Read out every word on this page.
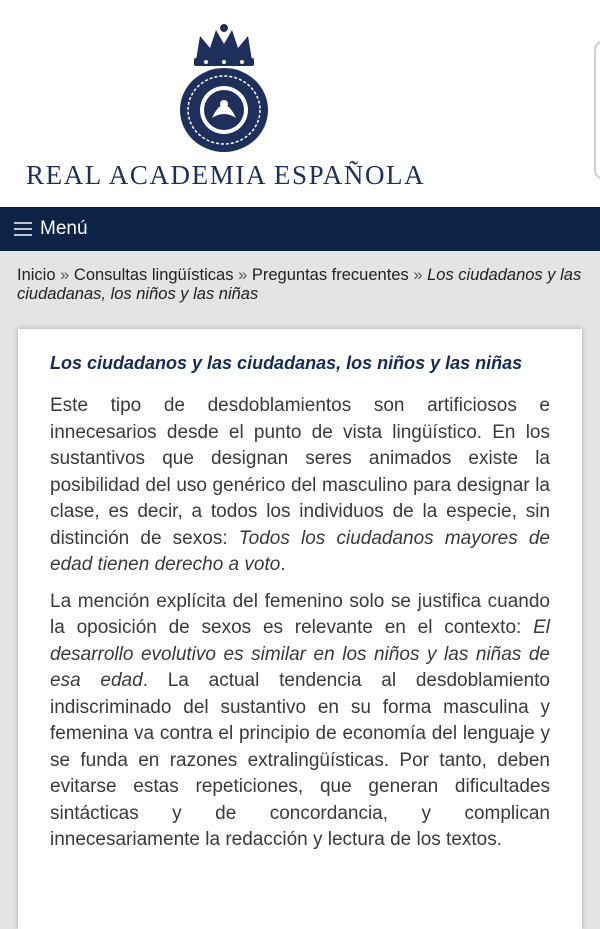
REAL ACADEMIA ESPAÑOLA
Menú
Inicio » Consultas lingüísticas » Preguntas frecuentes » Los ciudadanos y las ciudadanas, los niños y las niñas
Los ciudadanos y las ciudadanas, los niños y las niñas

Este tipo de desdoblamientos son artificiosos e innecesarios desde el punto de vista lingüístico. En los sustantivos que designan seres animados existe la posibilidad del uso genérico del masculino para designar la clase, es decir, a todos los individuos de la especie, sin distinción de sexos: Todos los ciudadanos mayores de edad tienen derecho a voto.

La mención explícita del femenino solo se justifica cuando la oposición de sexos es relevante en el contexto: El desarrollo evolutivo es similar en los niños y las niñas de esa edad. La actual tendencia al desdoblamiento indiscriminado del sustantivo en su forma masculina y femenina va contra el principio de economía del lenguaje y se funda en razones extralingüísticas. Por tanto, deben evitarse estas repeticiones, que generan dificultades sintácticas y de concordancia, y complican innecesariamente la redacción y lectura de los textos.
